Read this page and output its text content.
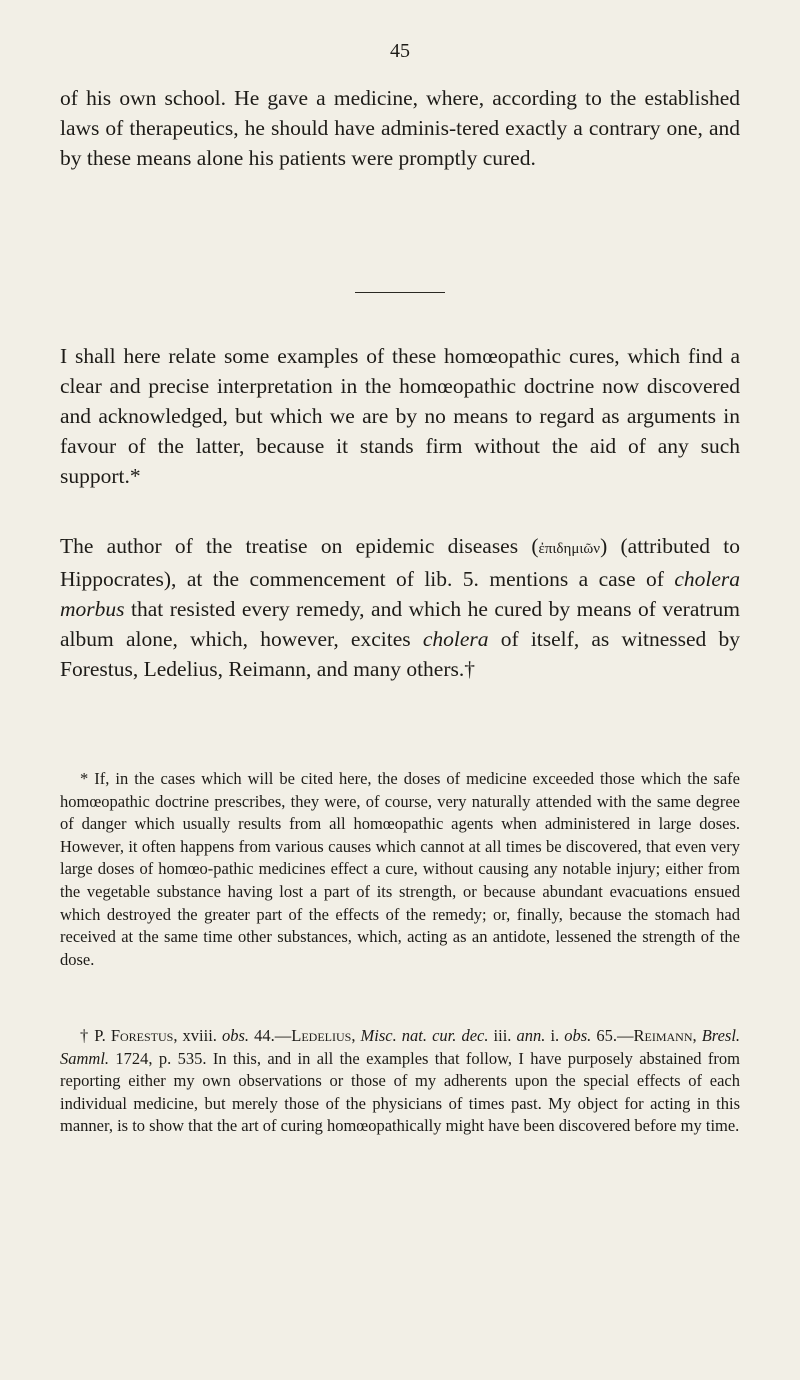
45

of his own school. He gave a medicine, where, according to the established laws of therapeutics, he should have adminis-tered exactly a contrary one, and by these means alone his patients were promptly cured.

I shall here relate some examples of these homœopathic cures, which find a clear and precise interpretation in the homœopathic doctrine now discovered and acknowledged, but which we are by no means to regard as arguments in favour of the latter, because it stands firm without the aid of any such support.*

The author of the treatise on epidemic diseases (ἐπιδημιῶν) (attributed to Hippocrates), at the commencement of lib. 5. mentions a case of cholera morbus that resisted every remedy, and which he cured by means of veratrum album alone, which, however, excites cholera of itself, as witnessed by Forestus, Ledelius, Reimann, and many others.†

* If, in the cases which will be cited here, the doses of medicine exceeded those which the safe homœopathic doctrine prescribes, they were, of course, very naturally attended with the same degree of danger which usually results from all homœopathic agents when administered in large doses. However, it often happens from various causes which cannot at all times be discovered, that even very large doses of homœo-pathic medicines effect a cure, without causing any notable injury; either from the vegetable substance having lost a part of its strength, or because abundant evacuations ensued which destroyed the greater part of the effects of the remedy; or, finally, because the stomach had received at the same time other substances, which, acting as an antidote, lessened the strength of the dose.

† P. Forestus, xviii. obs. 44.—Ledelius, Misc. nat. cur. dec. iii. ann. i. obs. 65.—Reimann, Bresl. Samml. 1724, p. 535. In this, and in all the examples that follow, I have purposely abstained from reporting either my own observations or those of my adherents upon the special effects of each individual medicine, but merely those of the physicians of times past. My object for acting in this manner, is to show that the art of curing homœopathically might have been discovered before my time.
